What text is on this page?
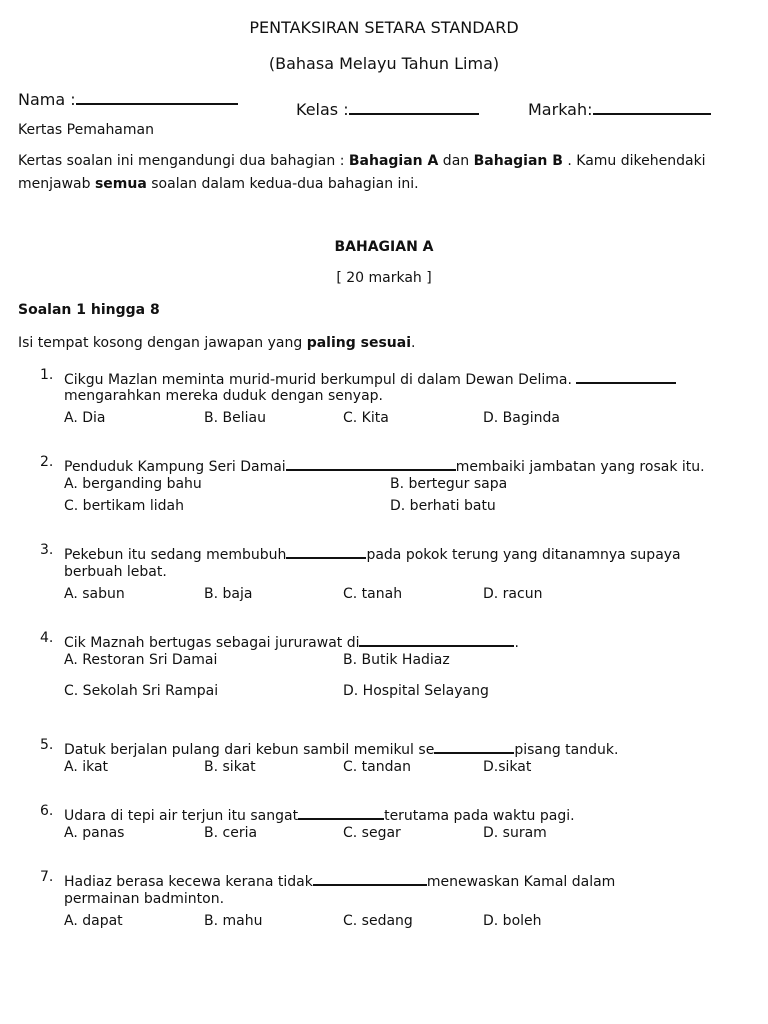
PENTAKSIRAN SETARA STANDARD
(Bahasa Melayu Tahun Lima)
Nama :
Kelas :	Markah:
Kertas Pemahaman
Kertas soalan ini mengandungi dua bahagian : Bahagian A dan Bahagian B . Kamu dikehendaki
menjawab semua soalan dalam kedua-dua bahagian ini.
BAHAGIAN A
[ 20 markah ]
Soalan 1 hingga 8
Isi tempat kosong dengan jawapan yang paling sesuai.
1. Cikgu Mazlan meminta murid-murid berkumpul di dalam Dewan Delima.
mengarahkan mereka duduk dengan senyap.
A. Dia	B. Beliau	C. Kita	D. Baginda
2. Penduduk Kampung Seri Damai	membaiki jambatan yang rosak itu.
A. berganding bahu	B. bertegur sapa
C. bertikam lidah	D. berhati batu
3. Pekebun itu sedang membubuh	pada pokok terung yang ditanamnya supaya
berbuah lebat.
A. sabun	B. baja	C. tanah	D. racun
4. Cik Maznah bertugas sebagai jururawat di	.
A. Restoran Sri Damai	B. Butik Hadiaz
C. Sekolah Sri Rampai	D. Hospital Selayang
5. Datuk berjalan pulang dari kebun sambil memikul se	pisang tanduk.
A. ikat	B. sikat	C. tandan	D.sikat
6. Udara di tepi air terjun itu sangat	terutama pada waktu pagi.
A. panas	B. ceria	C. segar	D. suram
7. Hadiaz berasa kecewa kerana tidak	menewaskan Kamal dalam
permainan badminton.
A. dapat	B. mahu	C. sedang	D. boleh
